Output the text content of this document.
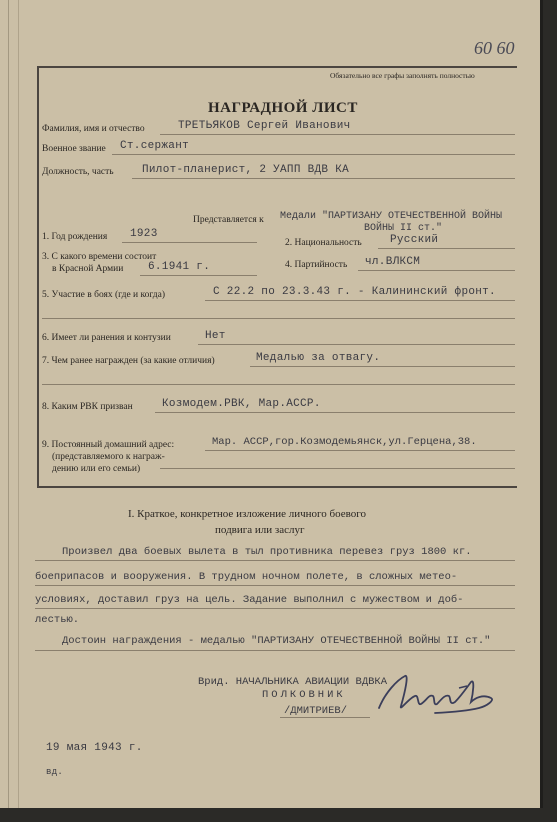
60 60
Обязательно все графы заполнять полностью
НАГРАДНОЙ ЛИСТ
Фамилия, имя и отчество	ТРЕТЬЯКОВ Сергей Иванович
Военное звание Ст.сержант
Должность, часть	Пилот-планерист, 2 УАПП ВДВ КА
Представляется к Медали "ПАРТИЗАНУ ОТЕЧЕСТВЕННОЙ ВОЙНЫ
ВОЙНЫ II ст."
1. Год рождения 1923
2. Национальность	Русский
3. С какого времени состоит
в Красной Армии 6.1941 г.	4. Партийность чл.ВЛКСМ
5. Участие в боях (где и когда)	С 22.2 по 23.3.43 г. - Калининский фронт.
6. Имеет ли ранения и контузии	Нет
7. Чем ранее награжден (за какие отличия)	Медалью за отвагу.
8. Каким РВК призван	Козмодем.РВК, Мар.АССР.
9. Постоянный домашний адрес:
(представляемого к награж-
дению или его семьи)
Мар. АССР,гор.Козмодемьянск,ул.Герцена,38.
I. Краткое, конкретное изложение личного боевого
подвига или заслуг
Произвел два боевых вылета в тыл противника перевез груз 1800 кг.
боеприпасов и вооружения. В трудном ночном полете, в сложных метео-
условиях, доставил груз на цель. Задание выполнил с мужеством и доб-
лестью.
Достоин награждения - медалью "ПАРТИЗАНУ ОТЕЧЕСТВЕННОЙ ВОЙНЫ II ст."
Врид. НАЧАЛЬНИКА АВИАЦИИ ВДВКА
ПОЛКОВНИК
/ДМИТРИЕВ/
19 мая 1943 г.
вд.
